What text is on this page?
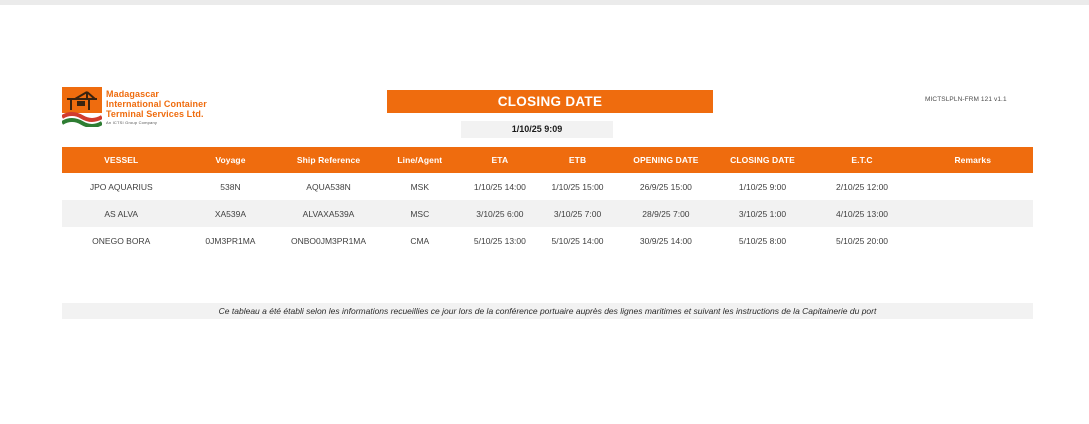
Madagascar
International Container
Terminal Services Ltd.
An ICTSI Group Company
CLOSING DATE
1/10/25 9:09
MICTSLPLN-FRM 121 v1.1
VESSEL	Voyage	Ship Reference	Line/Agent	ETA	ETB	OPENING DATE	CLOSING DATE	E.T.C	Remarks
JPO AQUARIUS	538N	AQUA538N	MSK	1/10/25 14:00	1/10/25 15:00	26/9/25 15:00	1/10/25 9:00	2/10/25 12:00	
AS ALVA	XA539A	ALVAXA539A	MSC	3/10/25 6:00	3/10/25 7:00	28/9/25 7:00	3/10/25 1:00	4/10/25 13:00	
ONEGO BORA	0JM3PR1MA	ONBO0JM3PR1MA	CMA	5/10/25 13:00	5/10/25 14:00	30/9/25 14:00	5/10/25 8:00	5/10/25 20:00	
Ce tableau a été établi selon les informations recueillies ce jour lors de la conférence portuaire auprès des lignes maritimes et suivant les instructions de la Capitainerie du port
